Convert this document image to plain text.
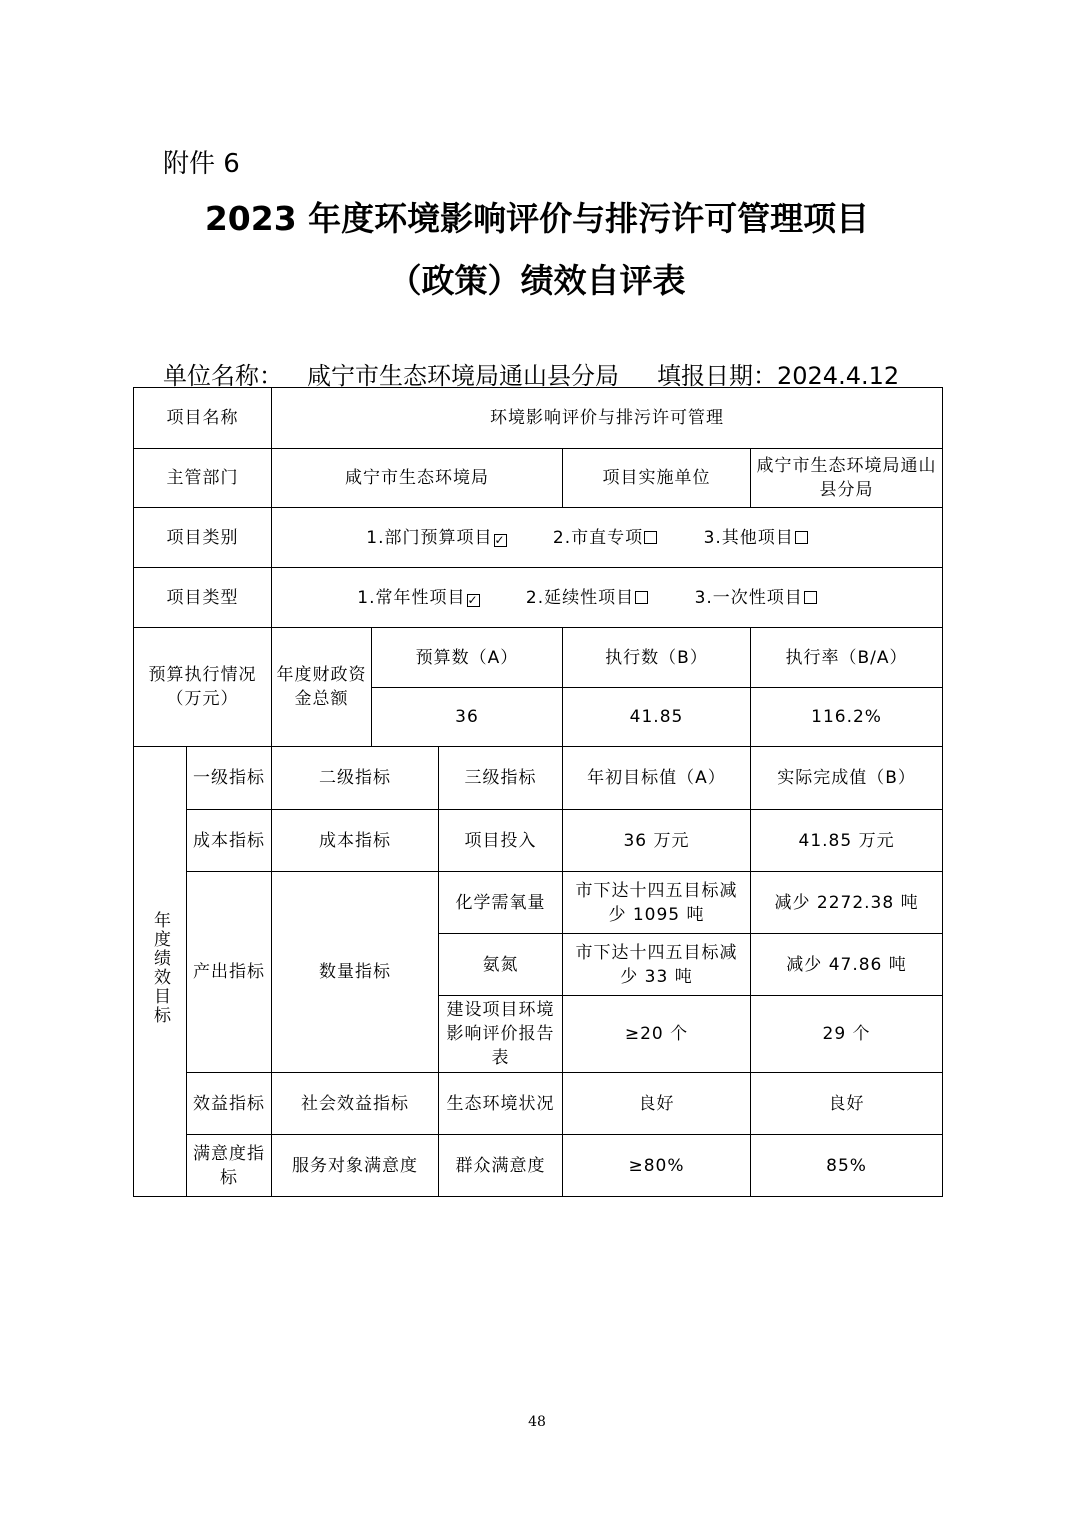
附件 6
2023 年度环境影响评价与排污许可管理项目
（政策）绩效自评表
单位名称： 咸宁市生态环境局通山县分局 填报日期：2024.4.12
项目名称		环境影响评价与排污许可管理				
主管部门		咸宁市生态环境局			项目实施单位	咸宁市生态环境局通山县分局
项目类别		1.部门预算项目 ✓ 2.市直专项 3.其他项目				
项目类型		1.常年性项目 ✓ 2.延续性项目 3.一次性项目				
预算执行情况（万元）		年度财政资金总额	预算数（A）		执行数（B）	执行率（B/A）
			36		41.85	116.2%
年度绩效目标	一级指标	二级指标		三级指标	年初目标值（A）	实际完成值（B）
	成本指标	成本指标		项目投入	36 万元	41.85 万元
	产出指标	数量指标		化学需氧量	市下达十四五目标减少 1095 吨	减少 2272.38 吨
				氨氮	市下达十四五目标减少 33 吨	减少 47.86 吨
				建设项目环境影响评价报告表	≥20 个	29 个
	效益指标	社会效益指标		生态环境状况	良好	良好
	满意度指 标	服务对象满意度		群众满意度	≥80%	85%
48
